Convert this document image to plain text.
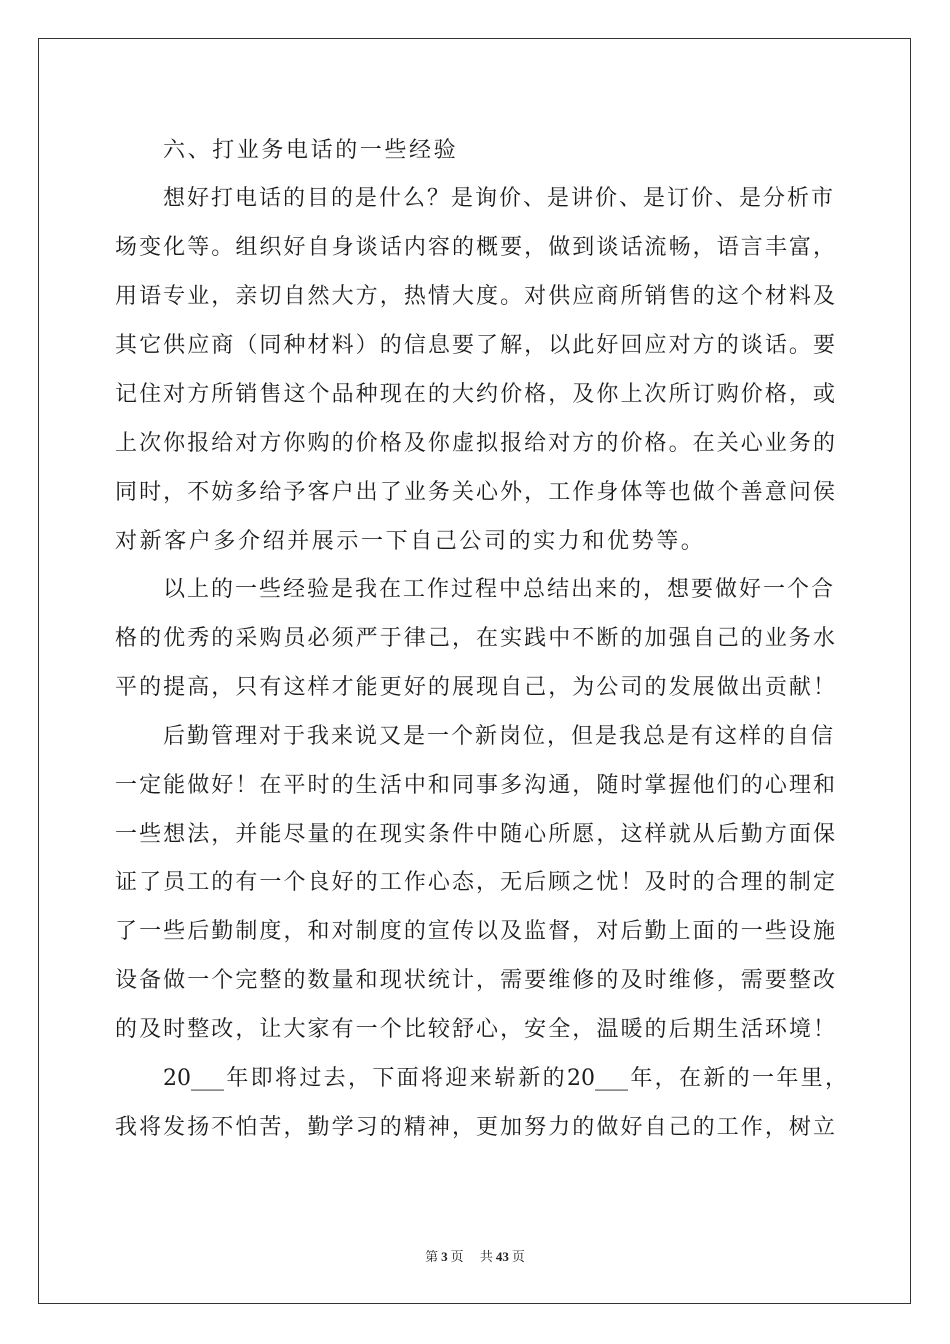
六、打业务电话的一些经验
想好打电话的目的是什么？是询价、是讲价、是订价、是分析市
场变化等。组织好自身谈话内容的概要，做到谈话流畅，语言丰富，
用语专业，亲切自然大方，热情大度。对供应商所销售的这个材料及
其它供应商（同种材料）的信息要了解，以此好回应对方的谈话。要
记住对方所销售这个品种现在的大约价格，及你上次所订购价格，或
上次你报给对方你购的价格及你虚拟报给对方的价格。在关心业务的
同时，不妨多给予客户出了业务关心外，工作身体等也做个善意问侯
对新客户多介绍并展示一下自己公司的实力和优势等。
以上的一些经验是我在工作过程中总结出来的，想要做好一个合
格的优秀的采购员必须严于律己，在实践中不断的加强自己的业务水
平的提高，只有这样才能更好的展现自己，为公司的发展做出贡献！
后勤管理对于我来说又是一个新岗位，但是我总是有这样的自信
一定能做好！在平时的生活中和同事多沟通，随时掌握他们的心理和
一些想法，并能尽量的在现实条件中随心所愿，这样就从后勤方面保
证了员工的有一个良好的工作心态，无后顾之忧！及时的合理的制定
了一些后勤制度，和对制度的宣传以及监督，对后勤上面的一些设施
设备做一个完整的数量和现状统计，需要维修的及时维修，需要整改
的及时整改，让大家有一个比较舒心，安全，温暖的后期生活环境！
20___年即将过去，下面将迎来崭新的20___年，在新的一年里，
我将发扬不怕苦，勤学习的精神，更加努力的做好自己的工作，树立
第 3 页 共 43 页
